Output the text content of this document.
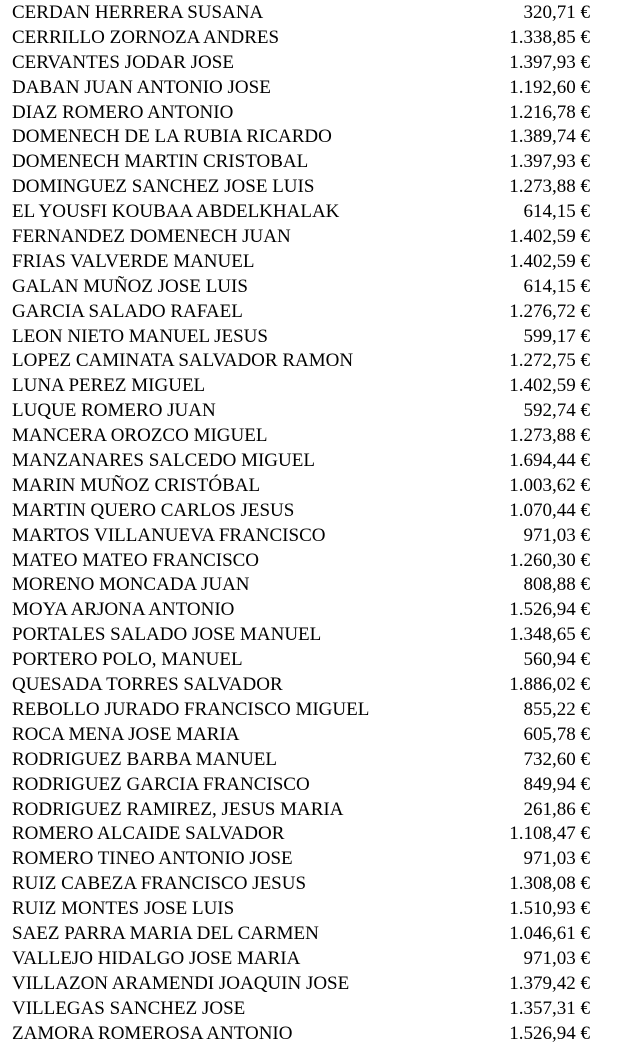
CERDAN HERRERA SUSANA	320,71 €
CERRILLO ZORNOZA ANDRES	1.338,85 €
CERVANTES JODAR JOSE	1.397,93 €
DABAN JUAN ANTONIO JOSE	1.192,60 €
DIAZ ROMERO ANTONIO	1.216,78 €
DOMENECH DE LA RUBIA RICARDO	1.389,74 €
DOMENECH MARTIN CRISTOBAL	1.397,93 €
DOMINGUEZ SANCHEZ JOSE LUIS	1.273,88 €
EL YOUSFI KOUBAA ABDELKHALAK	614,15 €
FERNANDEZ DOMENECH JUAN	1.402,59 €
FRIAS VALVERDE MANUEL	1.402,59 €
GALAN MUÑOZ JOSE LUIS	614,15 €
GARCIA SALADO RAFAEL	1.276,72 €
LEON NIETO MANUEL JESUS	599,17 €
LOPEZ CAMINATA SALVADOR RAMON	1.272,75 €
LUNA PEREZ MIGUEL	1.402,59 €
LUQUE ROMERO JUAN	592,74 €
MANCERA OROZCO MIGUEL	1.273,88 €
MANZANARES SALCEDO MIGUEL	1.694,44 €
MARIN MUÑOZ CRISTÓBAL	1.003,62 €
MARTIN QUERO CARLOS JESUS	1.070,44 €
MARTOS VILLANUEVA FRANCISCO	971,03 €
MATEO MATEO FRANCISCO	1.260,30 €
MORENO MONCADA JUAN	808,88 €
MOYA ARJONA ANTONIO	1.526,94 €
PORTALES SALADO JOSE MANUEL	1.348,65 €
PORTERO POLO, MANUEL	560,94 €
QUESADA TORRES SALVADOR	1.886,02 €
REBOLLO JURADO FRANCISCO MIGUEL	855,22 €
ROCA MENA JOSE MARIA	605,78 €
RODRIGUEZ BARBA MANUEL	732,60 €
RODRIGUEZ GARCIA FRANCISCO	849,94 €
RODRIGUEZ RAMIREZ, JESUS MARIA	261,86 €
ROMERO ALCAIDE SALVADOR	1.108,47 €
ROMERO TINEO ANTONIO JOSE	971,03 €
RUIZ CABEZA FRANCISCO JESUS	1.308,08 €
RUIZ MONTES JOSE LUIS	1.510,93 €
SAEZ PARRA MARIA DEL CARMEN	1.046,61 €
VALLEJO HIDALGO JOSE MARIA	971,03 €
VILLAZON ARAMENDI JOAQUIN JOSE	1.379,42 €
VILLEGAS SANCHEZ JOSE	1.357,31 €
ZAMORA ROMEROSA ANTONIO	1.526,94 €
